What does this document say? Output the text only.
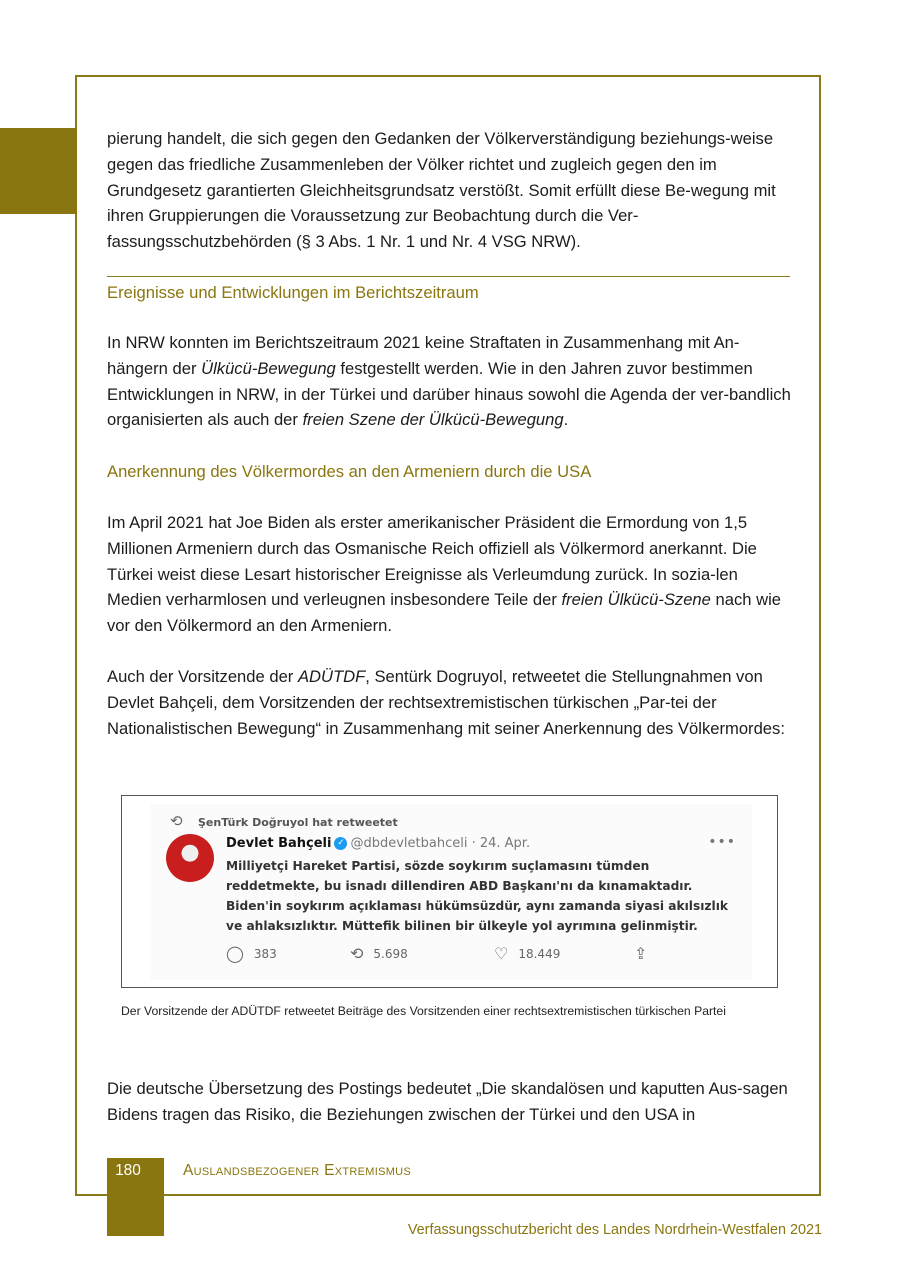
pierung handelt, die sich gegen den Gedanken der Völkerverständigung beziehungs-weise gegen das friedliche Zusammenleben der Völker richtet und zugleich gegen den im Grundgesetz garantierten Gleichheitsgrundsatz verstößt. Somit erfüllt diese Be-wegung mit ihren Gruppierungen die Voraussetzung zur Beobachtung durch die Ver-fassungsschutzbehörden (§ 3 Abs. 1 Nr. 1 und Nr. 4 VSG NRW).

Ereignisse und Entwicklungen im Berichtszeitraum

In NRW konnten im Berichtszeitraum 2021 keine Straftaten in Zusammenhang mit An-hängern der Ülkücü-Bewegung festgestellt werden. Wie in den Jahren zuvor bestimmen Entwicklungen in NRW, in der Türkei und darüber hinaus sowohl die Agenda der ver-bandlich organisierten als auch der freien Szene der Ülkücü-Bewegung.

Anerkennung des Völkermordes an den Armeniern durch die USA

Im April 2021 hat Joe Biden als erster amerikanischer Präsident die Ermordung von 1,5 Millionen Armeniern durch das Osmanische Reich offiziell als Völkermord anerkannt. Die Türkei weist diese Lesart historischer Ereignisse als Verleumdung zurück. In sozia-len Medien verharmlosen und verleugnen insbesondere Teile der freien Ülkücü-Szene nach wie vor den Völkermord an den Armeniern.

Auch der Vorsitzende der ADÜTDF, Sentürk Dogruyol, retweetet die Stellungnahmen von Devlet Bahçeli, dem Vorsitzenden der rechtsextremistischen türkischen „Par-tei der Nationalistischen Bewegung“ in Zusammenhang mit seiner Anerkennung des Völkermordes:

⟲ ŞenTürk Doğruyol hat retweetet
Devlet Bahçeli ✓ @dbdevletbahceli · 24. Apr.	•••
Milliyetçi Hareket Partisi, sözde soykırım suçlamasını tümden reddetmekte, bu isnadı dillendiren ABD Başkanı'nı da kınamaktadır. Biden'in soykırım açıklaması hükümsüzdür, aynı zamanda siyasi akılsızlık ve ahlaksızlıktır. Müttefik bilinen bir ülkeyle yol ayrımına gelinmiştir.
◯ 383	⟲ 5.698	♡ 18.449	⇪
Der Vorsitzende der ADÜTDF retweetet Beiträge des Vorsitzenden einer rechtsextremistischen türkischen Partei

Die deutsche Übersetzung des Postings bedeutet „Die skandalösen und kaputten Aus-sagen Bidens tragen das Risiko, die Beziehungen zwischen der Türkei und den USA in

180	Auslandsbezogener Extremismus
Verfassungsschutzbericht des Landes Nordrhein-Westfalen 2021
